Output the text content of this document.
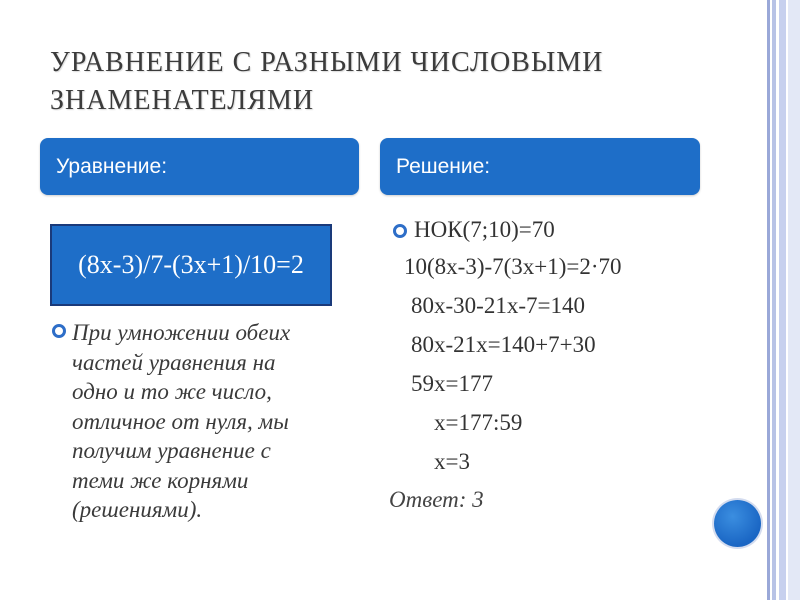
УРАВНЕНИЕ С РАЗНЫМИ ЧИСЛОВЫМИ
ЗНАМЕНАТЕЛЯМИ
Уравнение:	Решение:
(8x-3)/7-(3x+1)/10=2
При умножении обеих
частей уравнения на
одно и то же число,
отличное от нуля, мы
получим уравнение с
теми же корнями
(решениями).
НОК(7;10)=70
10(8x-3)-7(3x+1)=2·70
80x-30-21x-7=140
80x-21x=140+7+30
59x=177
x=177:59
x=3
Ответ: 3
